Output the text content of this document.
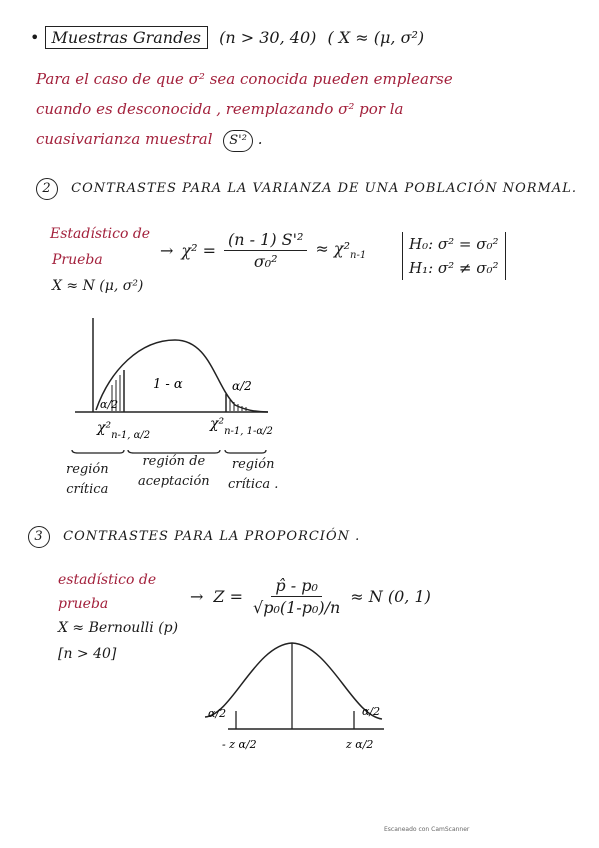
• Muestras Grandes (n > 30, 40) ( X ≈ (μ, σ²)
Para el caso de que σ² sea conocida pueden emplearse
cuando es desconocida , reemplazando σ² por la
cuasivarianza muestral S'² .
2 CONTRASTES PARA LA VARIANZA DE UNA POBLACIÓN NORMAL.
Estadístico de
Prueba
X ≈ N (μ, σ²)
→ $\chi^2 = \frac{\text{(n - 1) S'²}}{\text{σ₀²}} \approx \chi^2_{n-1}$
H₀: σ² = σ₀²
H₁: σ² ≠ σ₀²
α/2
1 - α	α/2
$\chi^2_{n-1, \alpha/2}$
$\chi^2_{n-1, 1-\alpha/2}$
región
crítica
región de
aceptación
región
crítica .
3 CONTRASTES PARA LA PROPORCIÓN .
estadístico de
prueba
X ≈ Bernoulli (p)
[n > 40]
→ $Z = \frac{\text{p̂ - p₀}}{\text{√p₀(1-p₀)/n}} \approx N$ (0, 1)
α/2	α/2
- z α/2	z α/2
Escaneado con CamScanner
